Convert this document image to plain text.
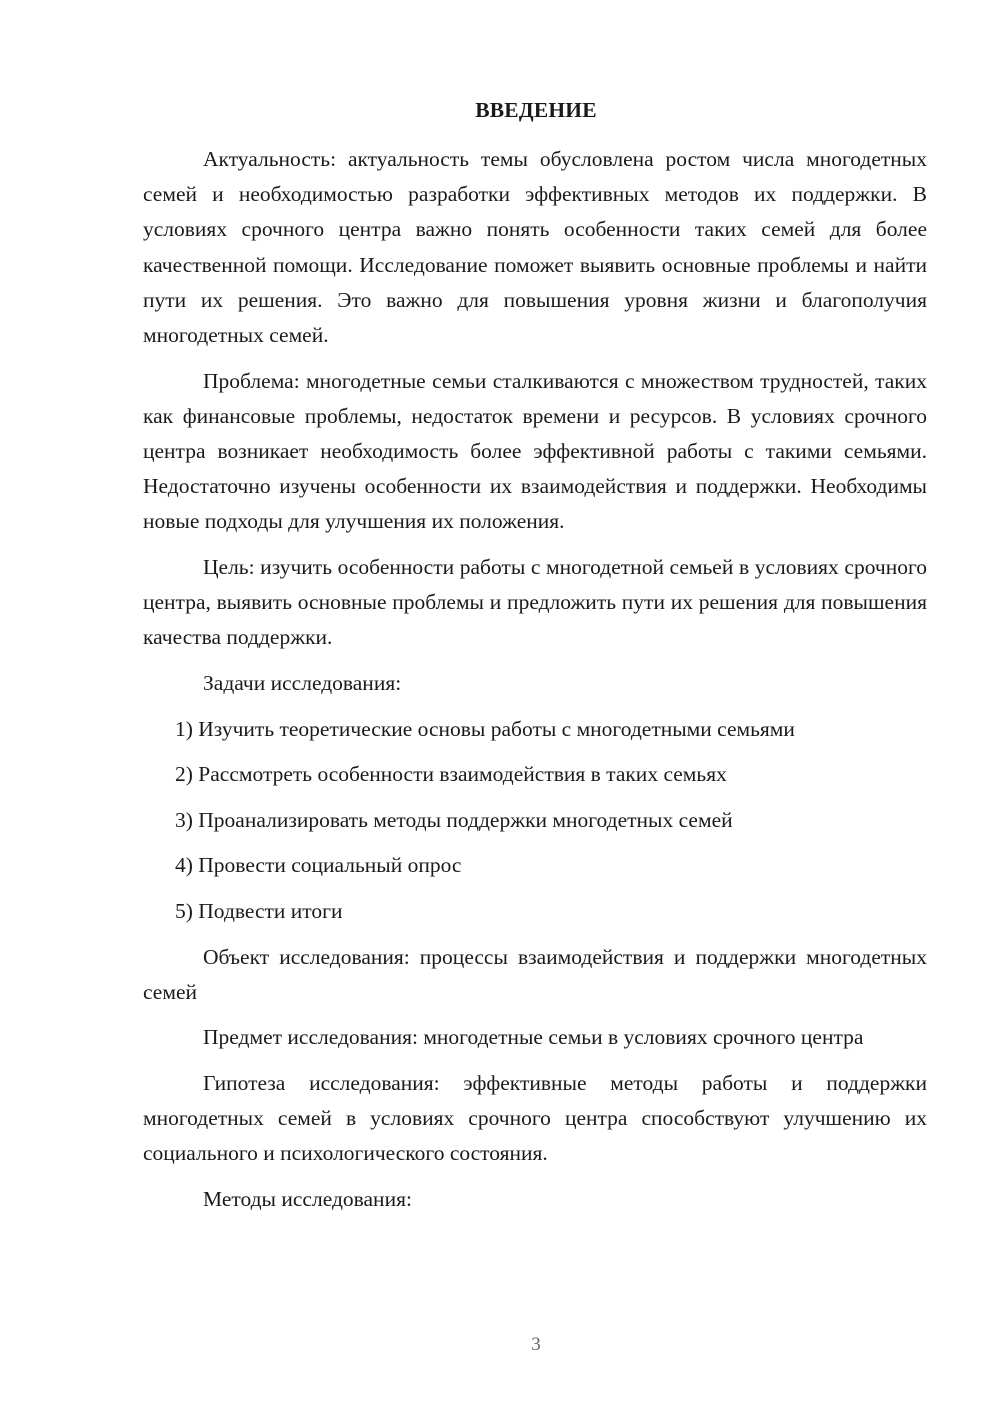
ВВЕДЕНИЕ

Актуальность: актуальность темы обусловлена ростом числа многодетных семей и необходимостью разработки эффективных методов их поддержки. В условиях срочного центра важно понять особенности таких семей для более качественной помощи. Исследование поможет выявить основные проблемы и найти пути их решения. Это важно для повышения уровня жизни и благополучия многодетных семей.

Проблема: многодетные семьи сталкиваются с множеством трудностей, таких как финансовые проблемы, недостаток времени и ресурсов. В условиях срочного центра возникает необходимость более эффективной работы с такими семьями. Недостаточно изучены особенности их взаимодействия и поддержки. Необходимы новые подходы для улучшения их положения.

Цель: изучить особенности работы с многодетной семьей в условиях срочного центра, выявить основные проблемы и предложить пути их решения для повышения качества поддержки.

Задачи исследования:

1) Изучить теоретические основы работы с многодетными семьями

2) Рассмотреть особенности взаимодействия в таких семьях

3) Проанализировать методы поддержки многодетных семей

4) Провести социальный опрос

5) Подвести итоги

Объект исследования: процессы взаимодействия и поддержки многодетных семей

Предмет исследования: многодетные семьи в условиях срочного центра

Гипотеза исследования: эффективные методы работы и поддержки многодетных семей в условиях срочного центра способствуют улучшению их социального и психологического состояния.

Методы исследования:

3
